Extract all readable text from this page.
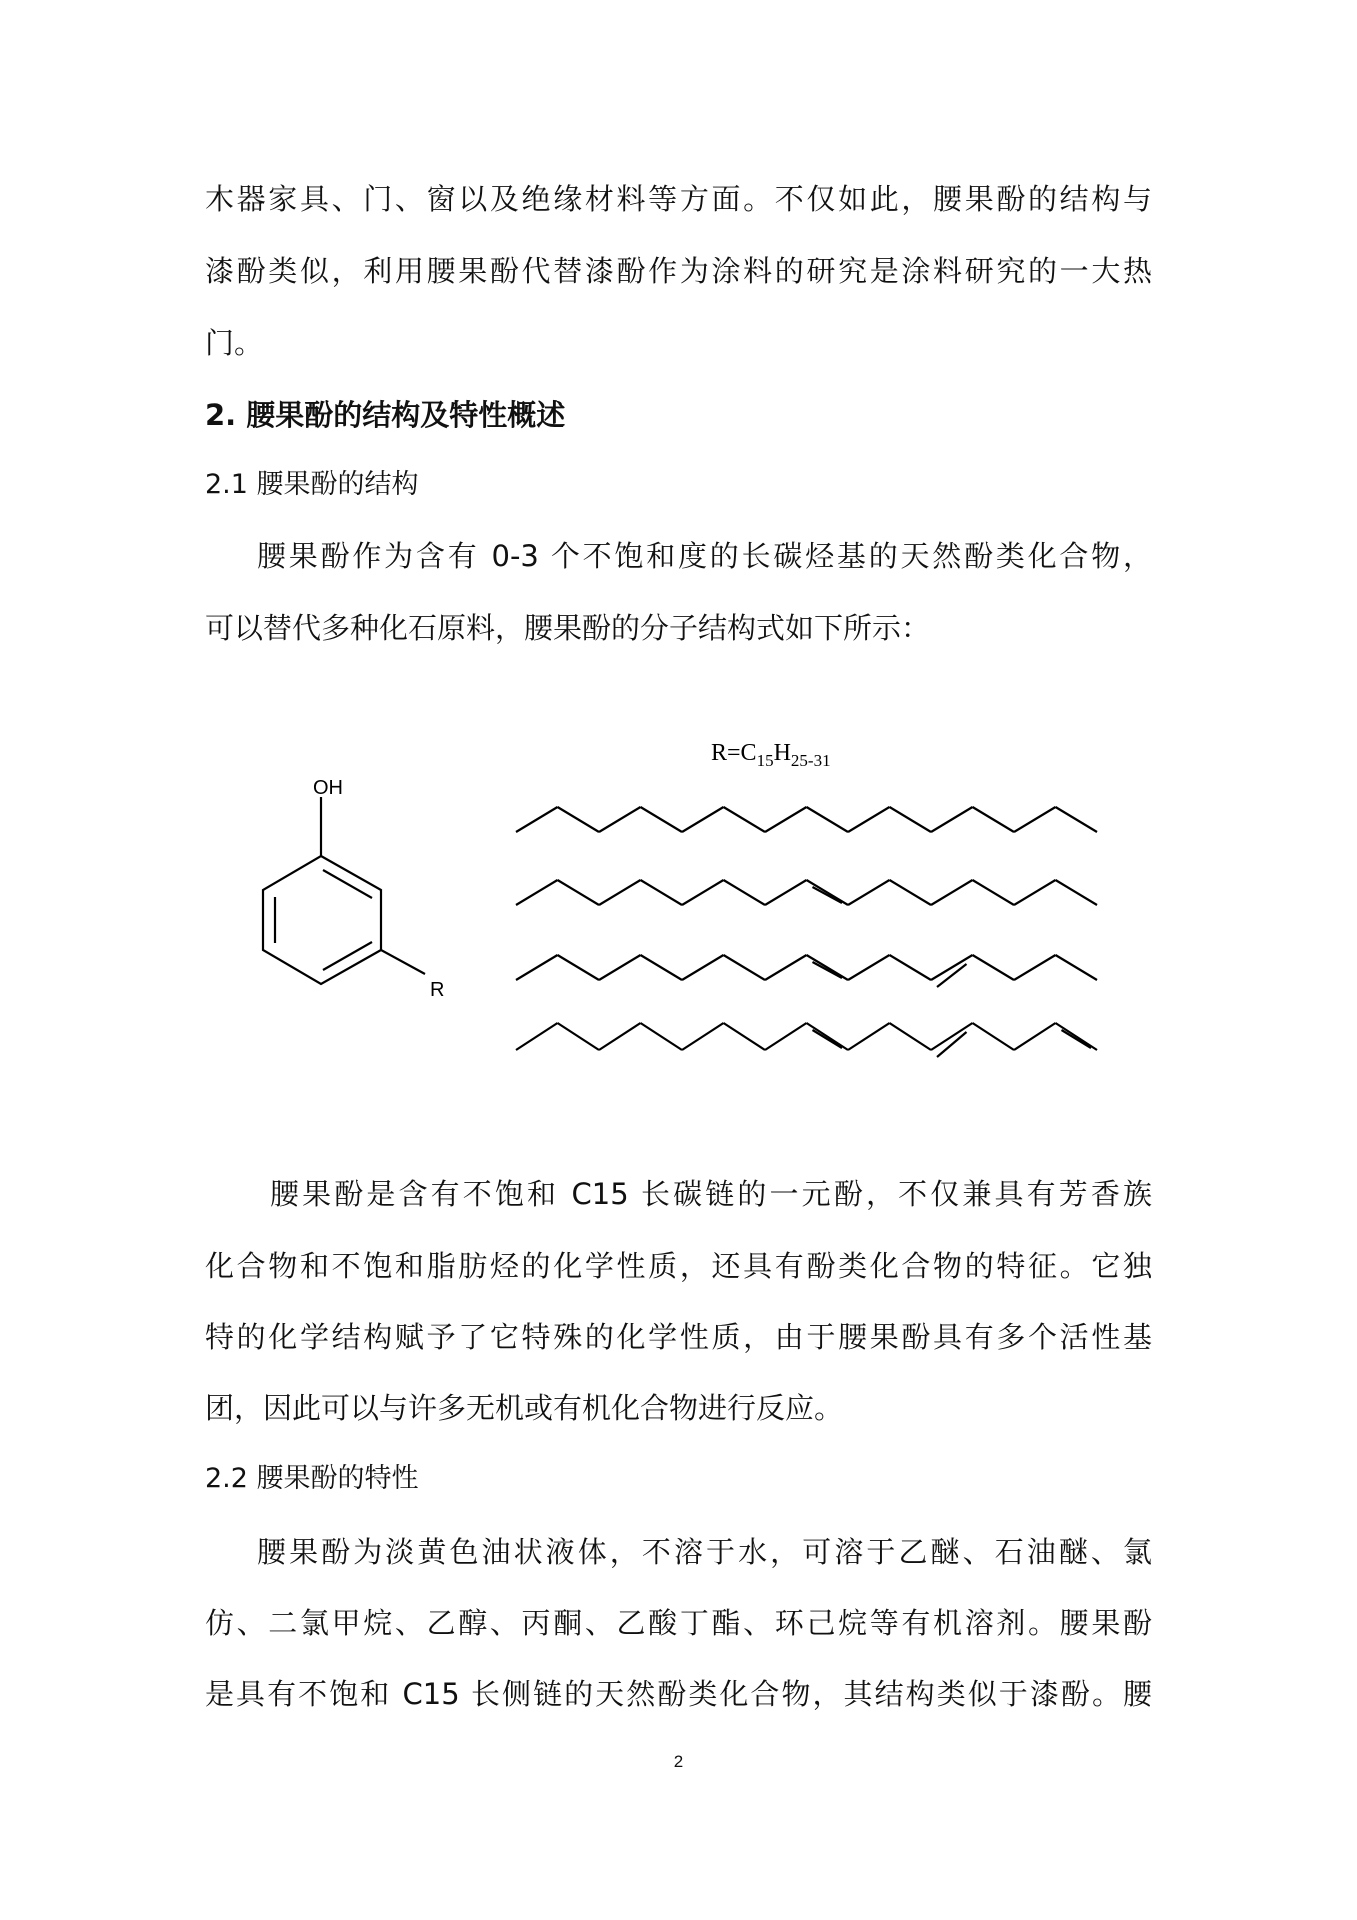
木器家具、门、窗以及绝缘材料等方面。不仅如此，腰果酚的结构与
漆酚类似，利用腰果酚代替漆酚作为涂料的研究是涂料研究的一大热
门。
2. 腰果酚的结构及特性概述
2.1 腰果酚的结构
腰果酚作为含有 0-3 个不饱和度的长碳烃基的天然酚类化合物，
可以替代多种化石原料，腰果酚的分子结构式如下所示：
OH
R
$R=C_{15}H_{25-31}$
腰果酚是含有不饱和 C15 长碳链的一元酚，不仅兼具有芳香族
化合物和不饱和脂肪烃的化学性质，还具有酚类化合物的特征。它独
特的化学结构赋予了它特殊的化学性质，由于腰果酚具有多个活性基
团，因此可以与许多无机或有机化合物进行反应。
2.2 腰果酚的特性
腰果酚为淡黄色油状液体，不溶于水，可溶于乙醚、石油醚、氯
仿、二氯甲烷、乙醇、丙酮、乙酸丁酯、环己烷等有机溶剂。腰果酚
是具有不饱和 C15 长侧链的天然酚类化合物，其结构类似于漆酚。腰
2
